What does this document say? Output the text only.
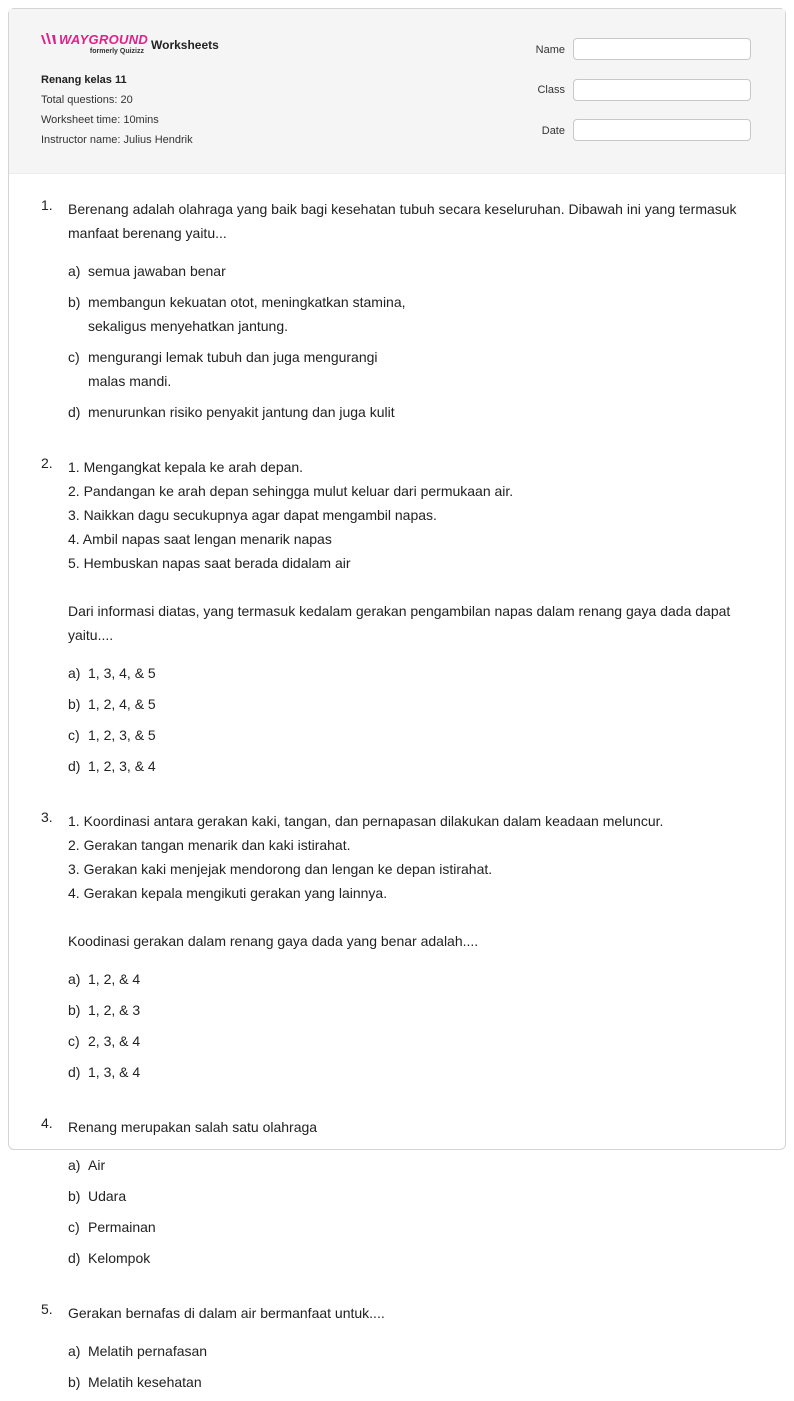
WAYGROUND
formerly Quizizz Worksheets
Renang kelas 11
Total questions: 20
Worksheet time: 10mins
Instructor name: Julius Hendrik
Name
Class
Date
1. Berenang adalah olahraga yang baik bagi kesehatan tubuh secara keseluruhan. Dibawah ini yang termasuk manfaat berenang yaitu...
a) semua jawaban benar
b) membangun kekuatan otot, meningkatkan stamina, sekaligus menyehatkan jantung.
c) mengurangi lemak tubuh dan juga mengurangi malas mandi.
d) menurunkan risiko penyakit jantung dan juga kulit
2. 1. Mengangkat kepala ke arah depan.
2. Pandangan ke arah depan sehingga mulut keluar dari permukaan air.
3. Naikkan dagu secukupnya agar dapat mengambil napas.
4. Ambil napas saat lengan menarik napas
5. Hembuskan napas saat berada didalam air
Dari informasi diatas, yang termasuk kedalam gerakan pengambilan napas dalam renang gaya dada dapat yaitu....
a) 1, 3, 4, & 5
b) 1, 2, 4, & 5
c) 1, 2, 3, & 5
d) 1, 2, 3, & 4
3. 1. Koordinasi antara gerakan kaki, tangan, dan pernapasan dilakukan dalam keadaan meluncur.
2. Gerakan tangan menarik dan kaki istirahat.
3. Gerakan kaki menjejak mendorong dan lengan ke depan istirahat.
4. Gerakan kepala mengikuti gerakan yang lainnya.
Koodinasi gerakan dalam renang gaya dada yang benar adalah....
a) 1, 2, & 4
b) 1, 2, & 3
c) 2, 3, & 4
d) 1, 3, & 4
4. Renang merupakan salah satu olahraga
a) Air
b) Udara
c) Permainan
d) Kelompok
5. Gerakan bernafas di dalam air bermanfaat untuk....
a) Melatih pernafasan
b) Melatih kesehatan
